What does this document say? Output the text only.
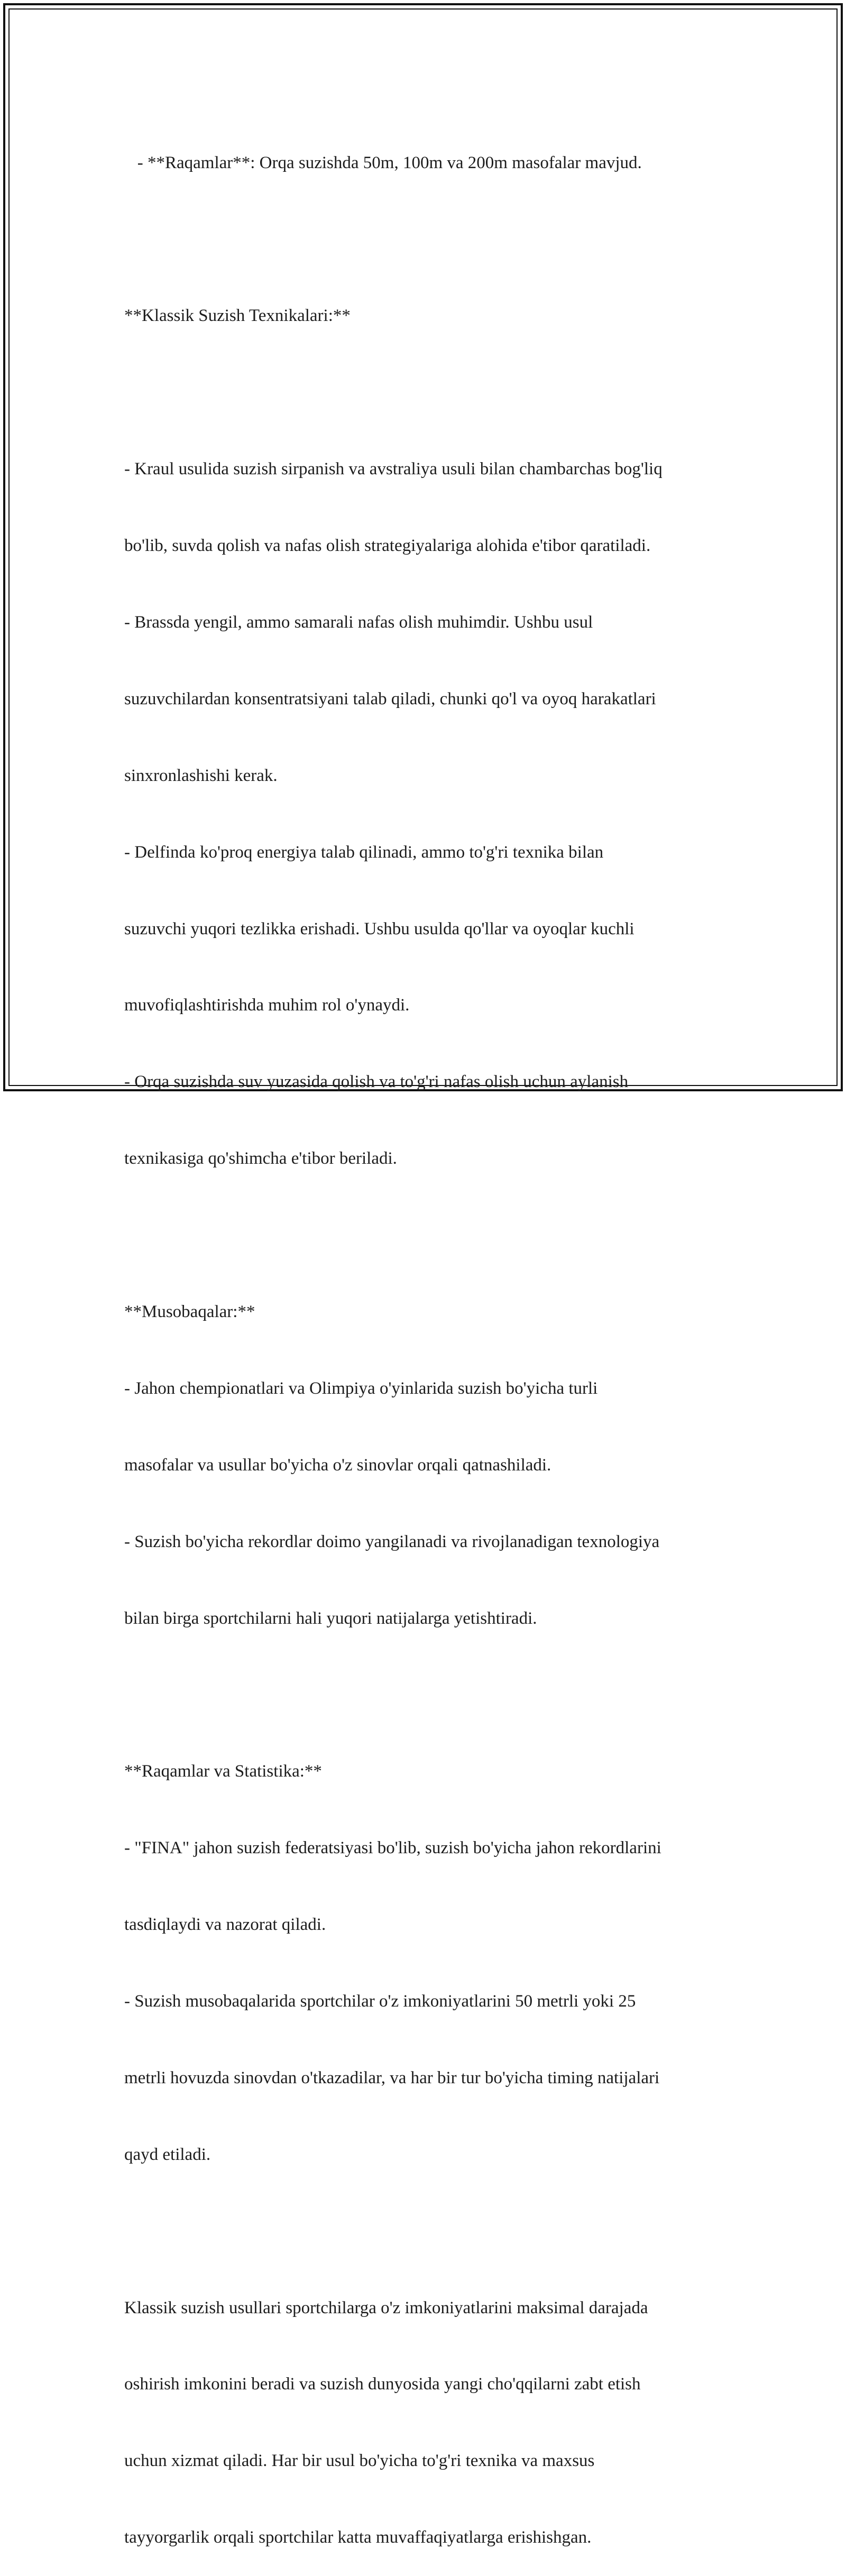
- **Raqamlar**: Orqa suzishda 50m, 100m va 200m masofalar mavjud.

**Klassik Suzish Texnikalari:**

- Kraul usulida suzish sirpanish va avstraliya usuli bilan chambarchas bog'liq

bo'lib, suvda qolish va nafas olish strategiyalariga alohida e'tibor qaratiladi.

- Brassda yengil, ammo samarali nafas olish muhimdir. Ushbu usul

suzuvchilardan konsentratsiyani talab qiladi, chunki qo'l va oyoq harakatlari

sinxronlashishi kerak.

- Delfinda ko'proq energiya talab qilinadi, ammo to'g'ri texnika bilan

suzuvchi yuqori tezlikka erishadi. Ushbu usulda qo'llar va oyoqlar kuchli

muvofiqlashtirishda muhim rol o'ynaydi.

- Orqa suzishda suv yuzasida qolish va to'g'ri nafas olish uchun aylanish

texnikasiga qo'shimcha e'tibor beriladi.

**Musobaqalar:**

- Jahon chempionatlari va Olimpiya o'yinlarida suzish bo'yicha turli

masofalar va usullar bo'yicha o'z sinovlar orqali qatnashiladi.

- Suzish bo'yicha rekordlar doimo yangilanadi va rivojlanadigan texnologiya

bilan birga sportchilarni hali yuqori natijalarga yetishtiradi.

**Raqamlar va Statistika:**

- "FINA" jahon suzish federatsiyasi bo'lib, suzish bo'yicha jahon rekordlarini

tasdiqlaydi va nazorat qiladi.

- Suzish musobaqalarida sportchilar o'z imkoniyatlarini 50 metrli yoki 25

metrli hovuzda sinovdan o'tkazadilar, va har bir tur bo'yicha timing natijalari

qayd etiladi.

Klassik suzish usullari sportchilarga o'z imkoniyatlarini maksimal darajada

oshirish imkonini beradi va suzish dunyosida yangi cho'qqilarni zabt etish

uchun xizmat qiladi. Har bir usul bo'yicha to'g'ri texnika va maxsus

tayyorgarlik orqali sportchilar katta muvaffaqiyatlarga erishishgan.
